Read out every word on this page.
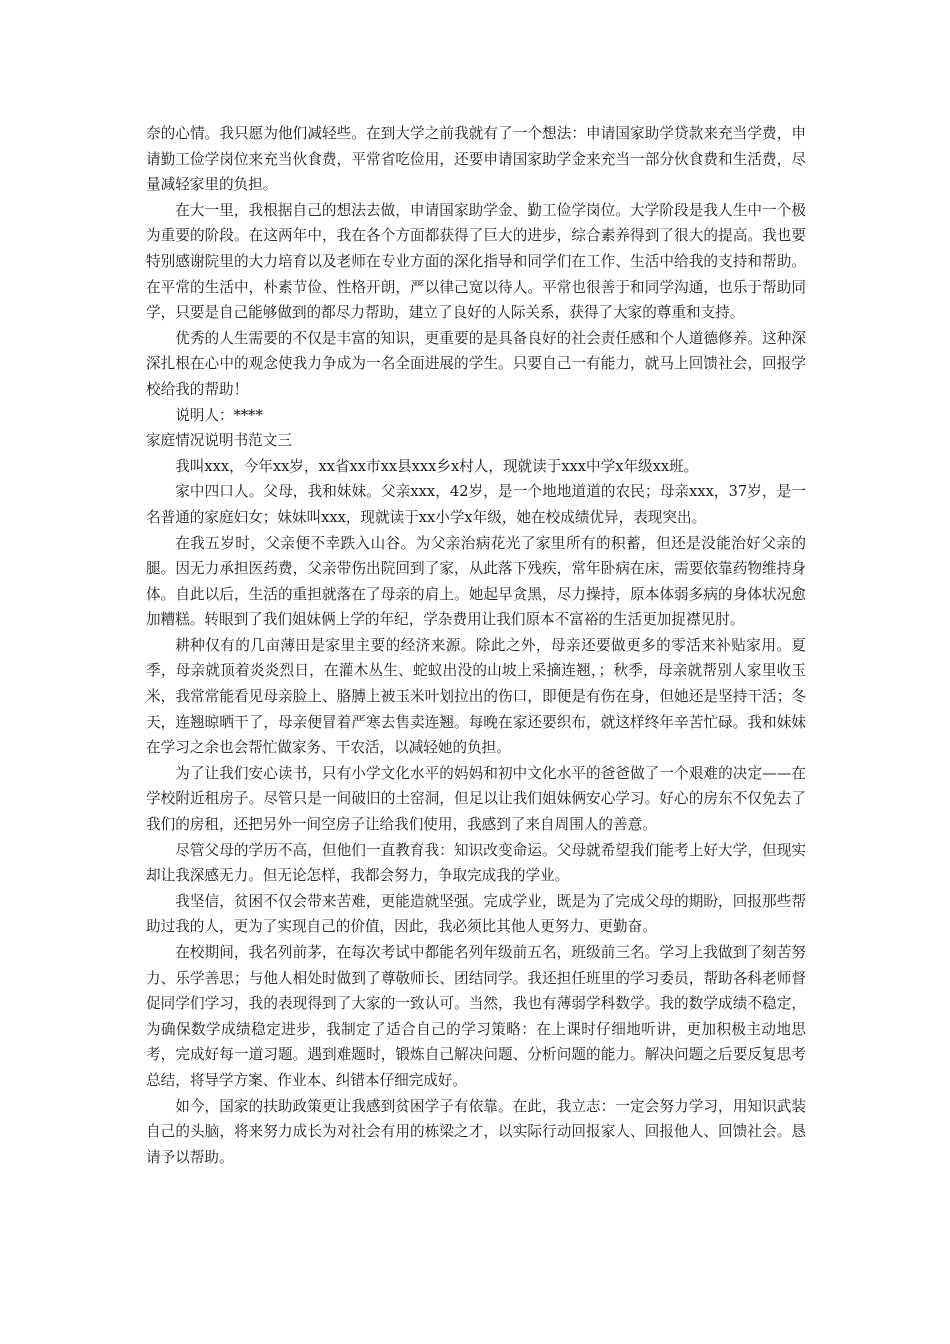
奈的心情。我只愿为他们减轻些。在到大学之前我就有了一个想法：申请国家助学贷款来充当学费，申请勤工俭学岗位来充当伙食费，平常省吃俭用，还要申请国家助学金来充当一部分伙食费和生活费，尽量减轻家里的负担。

在大一里，我根据自己的想法去做，申请国家助学金、勤工俭学岗位。大学阶段是我人生中一个极为重要的阶段。在这两年中，我在各个方面都获得了巨大的进步，综合素养得到了很大的提高。我也要特别感谢院里的大力培育以及老师在专业方面的深化指导和同学们在工作、生活中给我的支持和帮助。在平常的生活中，朴素节俭、性格开朗，严以律己宽以待人。平常也很善于和同学沟通，也乐于帮助同学，只要是自己能够做到的都尽力帮助，建立了良好的人际关系，获得了大家的尊重和支持。

优秀的人生需要的不仅是丰富的知识，更重要的是具备良好的社会责任感和个人道德修养。这种深深扎根在心中的观念使我力争成为一名全面进展的学生。只要自己一有能力，就马上回馈社会，回报学校给我的帮助！

说明人：****

家庭情况说明书范文三

我叫xxx，今年xx岁，xx省xx市xx县xxx乡x村人，现就读于xxx中学x年级xx班。

家中四口人。父母，我和妹妹。父亲xxx，42岁，是一个地地道道的农民；母亲xxx，37岁，是一名普通的家庭妇女；妹妹叫xxx，现就读于xx小学x年级，她在校成绩优异，表现突出。

在我五岁时，父亲便不幸跌入山谷。为父亲治病花光了家里所有的积蓄，但还是没能治好父亲的腿。因无力承担医药费，父亲带伤出院回到了家，从此落下残疾，常年卧病在床，需要依靠药物维持身体。自此以后，生活的重担就落在了母亲的肩上。她起早贪黑，尽力操持，原本体弱多病的身体状况愈加糟糕。转眼到了我们姐妹俩上学的年纪，学杂费用让我们原本不富裕的生活更加捉襟见肘。

耕种仅有的几亩薄田是家里主要的经济来源。除此之外，母亲还要做更多的零活来补贴家用。夏季，母亲就顶着炎炎烈日，在灌木丛生、蛇蚁出没的山坡上采摘连翘，；秋季，母亲就帮别人家里收玉米，我常常能看见母亲脸上、胳膊上被玉米叶划拉出的伤口，即便是有伤在身，但她还是坚持干活；冬天，连翘晾晒干了，母亲便冒着严寒去售卖连翘。每晚在家还要织布，就这样终年辛苦忙碌。我和妹妹在学习之余也会帮忙做家务、干农活，以减轻她的负担。

为了让我们安心读书，只有小学文化水平的妈妈和初中文化水平的爸爸做了一个艰难的决定——在学校附近租房子。尽管只是一间破旧的土窑洞，但足以让我们姐妹俩安心学习。好心的房东不仅免去了我们的房租，还把另外一间空房子让给我们使用，我感到了来自周围人的善意。

尽管父母的学历不高，但他们一直教育我：知识改变命运。父母就希望我们能考上好大学，但现实却让我深感无力。但无论怎样，我都会努力，争取完成我的学业。

我坚信，贫困不仅会带来苦难，更能造就坚强。完成学业，既是为了完成父母的期盼，回报那些帮助过我的人，更为了实现自己的价值，因此，我必须比其他人更努力、更勤奋。

在校期间，我名列前茅，在每次考试中都能名列年级前五名，班级前三名。学习上我做到了刻苦努力、乐学善思；与他人相处时做到了尊敬师长、团结同学。我还担任班里的学习委员，帮助各科老师督促同学们学习，我的表现得到了大家的一致认可。当然，我也有薄弱学科数学。我的数学成绩不稳定，为确保数学成绩稳定进步，我制定了适合自己的学习策略：在上课时仔细地听讲，更加积极主动地思考，完成好每一道习题。遇到难题时，锻炼自己解决问题、分析问题的能力。解决问题之后要反复思考总结，将导学方案、作业本、纠错本仔细完成好。

如今，国家的扶助政策更让我感到贫困学子有依靠。在此，我立志：一定会努力学习，用知识武装自己的头脑，将来努力成长为对社会有用的栋梁之才，以实际行动回报家人、回报他人、回馈社会。恳请予以帮助。
